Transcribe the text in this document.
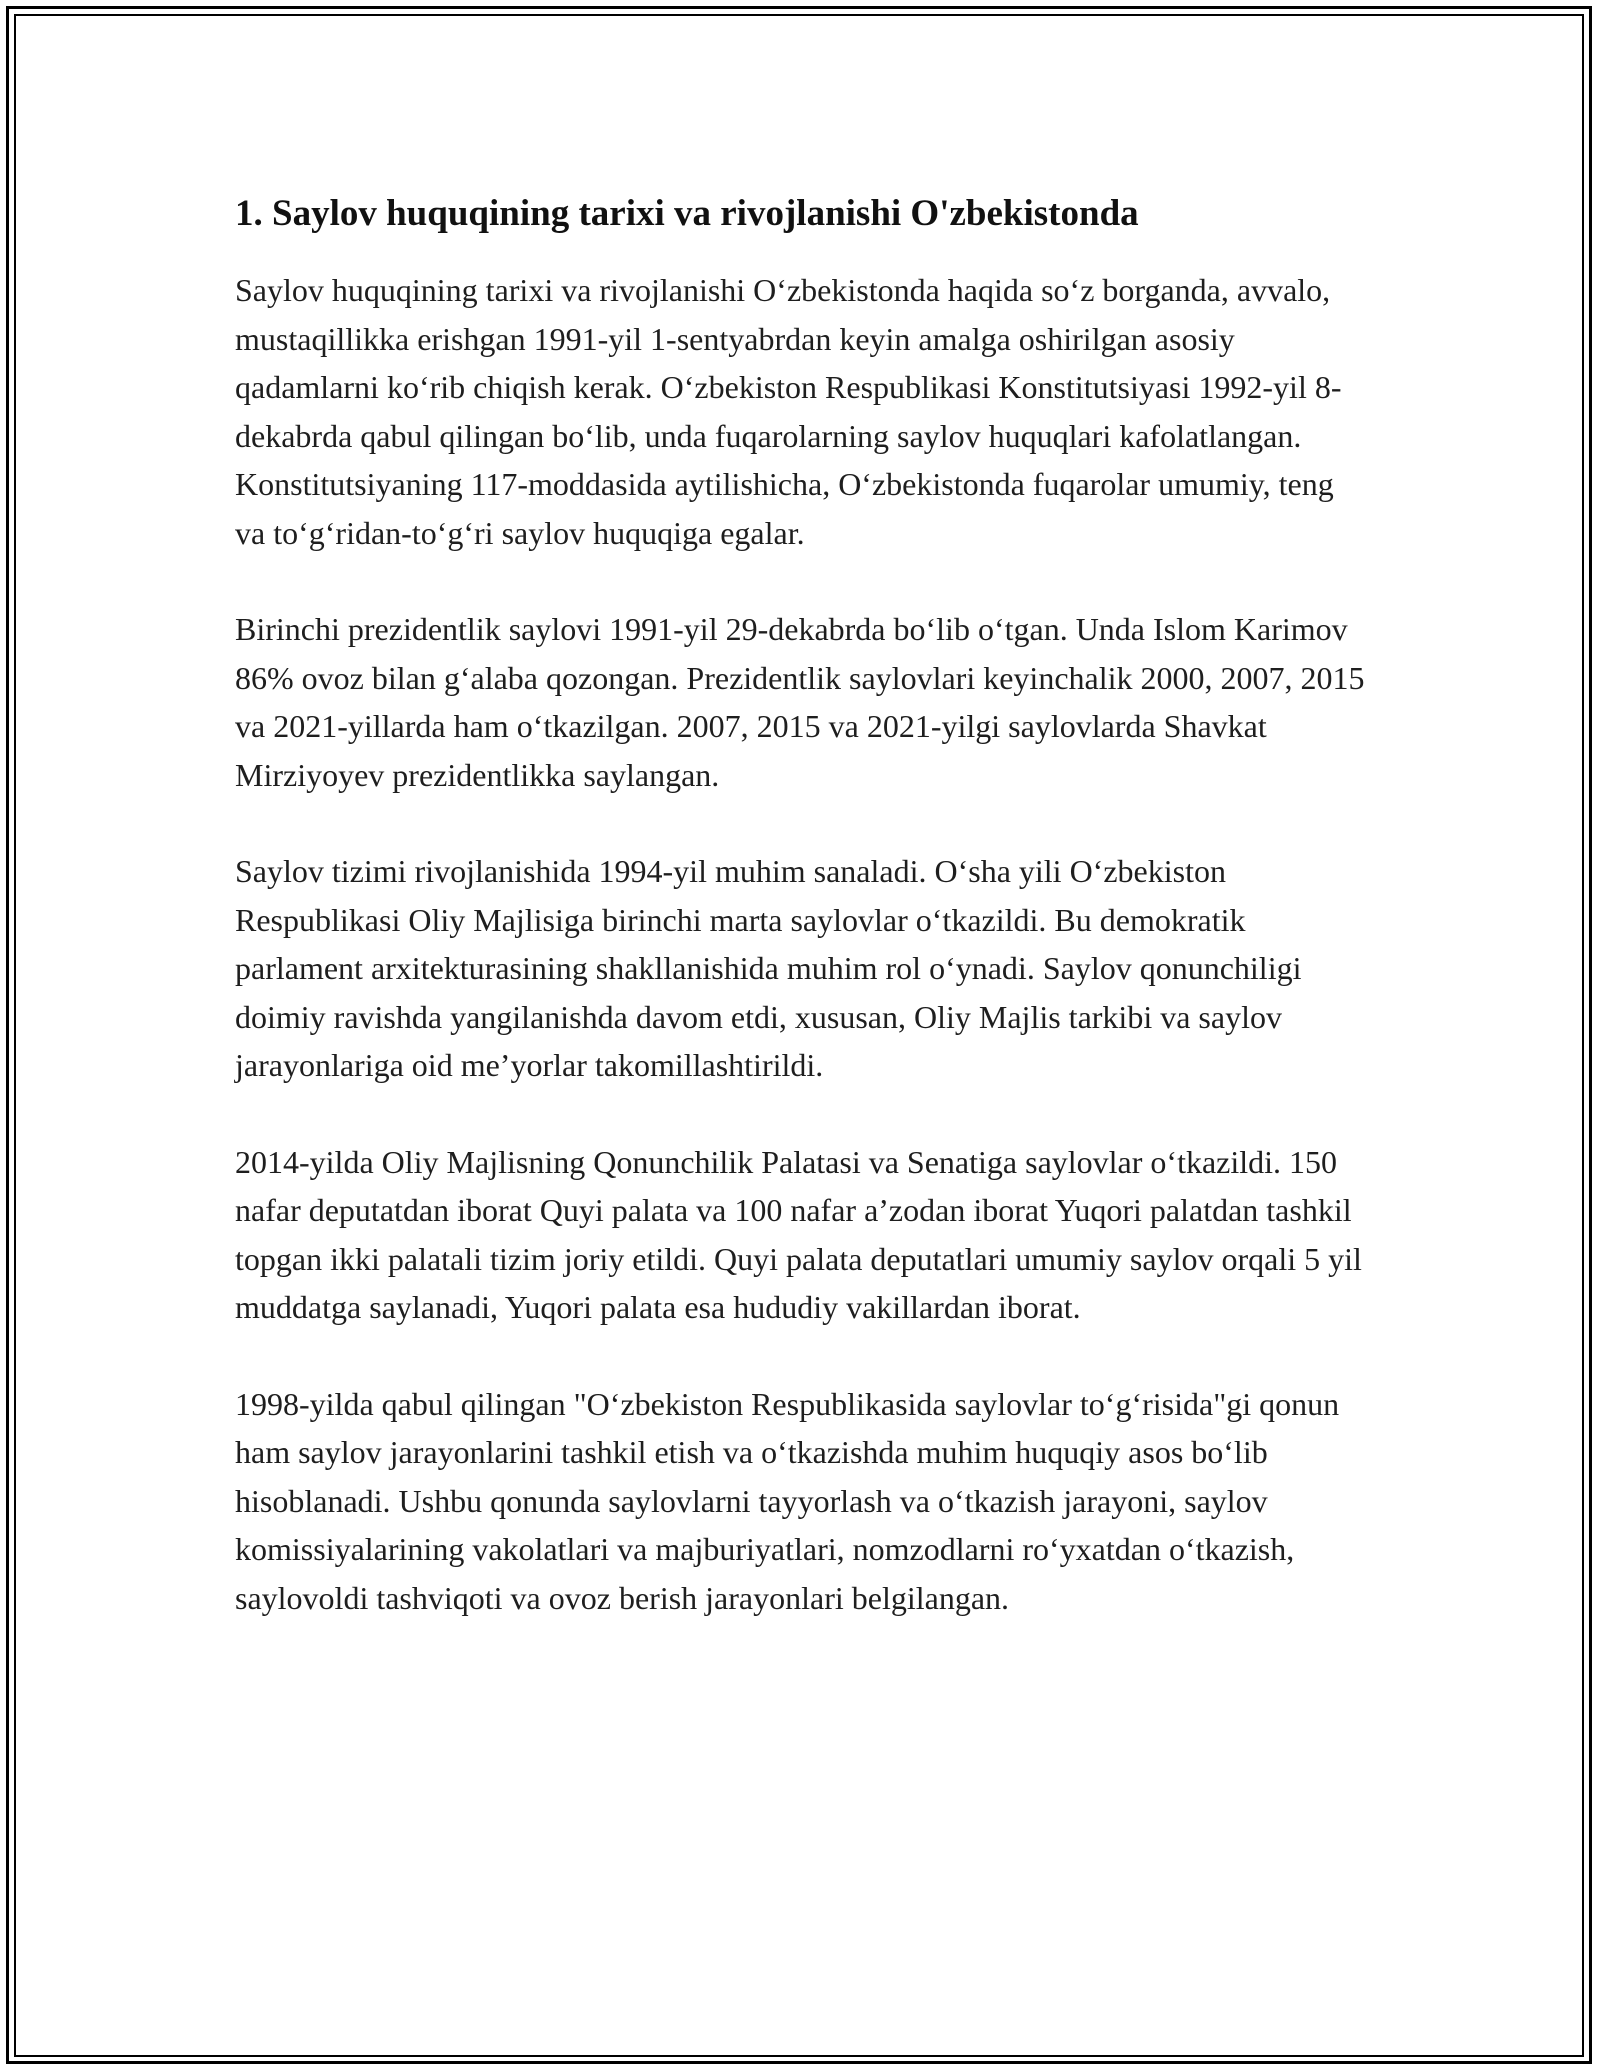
1. Saylov huquqining tarixi va rivojlanishi O'zbekistonda

Saylov huquqining tarixi va rivojlanishi O‘zbekistonda haqida so‘z borganda, avvalo, mustaqillikka erishgan 1991-yil 1-sentyabrdan keyin amalga oshirilgan asosiy qadamlarni ko‘rib chiqish kerak. O‘zbekiston Respublikasi Konstitutsiyasi 1992-yil 8-dekabrda qabul qilingan bo‘lib, unda fuqarolarning saylov huquqlari kafolatlangan. Konstitutsiyaning 117-moddasida aytilishicha, O‘zbekistonda fuqarolar umumiy, teng va to‘g‘ridan-to‘g‘ri saylov huquqiga egalar.

Birinchi prezidentlik saylovi 1991-yil 29-dekabrda bo‘lib o‘tgan. Unda Islom Karimov 86% ovoz bilan g‘alaba qozongan. Prezidentlik saylovlari keyinchalik 2000, 2007, 2015 va 2021-yillarda ham o‘tkazilgan. 2007, 2015 va 2021-yilgi saylovlarda Shavkat Mirziyoyev prezidentlikka saylangan.

Saylov tizimi rivojlanishida 1994-yil muhim sanaladi. O‘sha yili O‘zbekiston Respublikasi Oliy Majlisiga birinchi marta saylovlar o‘tkazildi. Bu demokratik parlament arxitekturasining shakllanishida muhim rol o‘ynadi. Saylov qonunchiligi doimiy ravishda yangilanishda davom etdi, xususan, Oliy Majlis tarkibi va saylov jarayonlariga oid me’yorlar takomillashtirildi.

2014-yilda Oliy Majlisning Qonunchilik Palatasi va Senatiga saylovlar o‘tkazildi. 150 nafar deputatdan iborat Quyi palata va 100 nafar a’zodan iborat Yuqori palatdan tashkil topgan ikki palatali tizim joriy etildi. Quyi palata deputatlari umumiy saylov orqali 5 yil muddatga saylanadi, Yuqori palata esa hududiy vakillardan iborat.

1998-yilda qabul qilingan "O‘zbekiston Respublikasida saylovlar to‘g‘risida"gi qonun ham saylov jarayonlarini tashkil etish va o‘tkazishda muhim huquqiy asos bo‘lib hisoblanadi. Ushbu qonunda saylovlarni tayyorlash va o‘tkazish jarayoni, saylov komissiyalarining vakolatlari va majburiyatlari, nomzodlarni ro‘yxatdan o‘tkazish, saylovoldi tashviqoti va ovoz berish jarayonlari belgilangan.
